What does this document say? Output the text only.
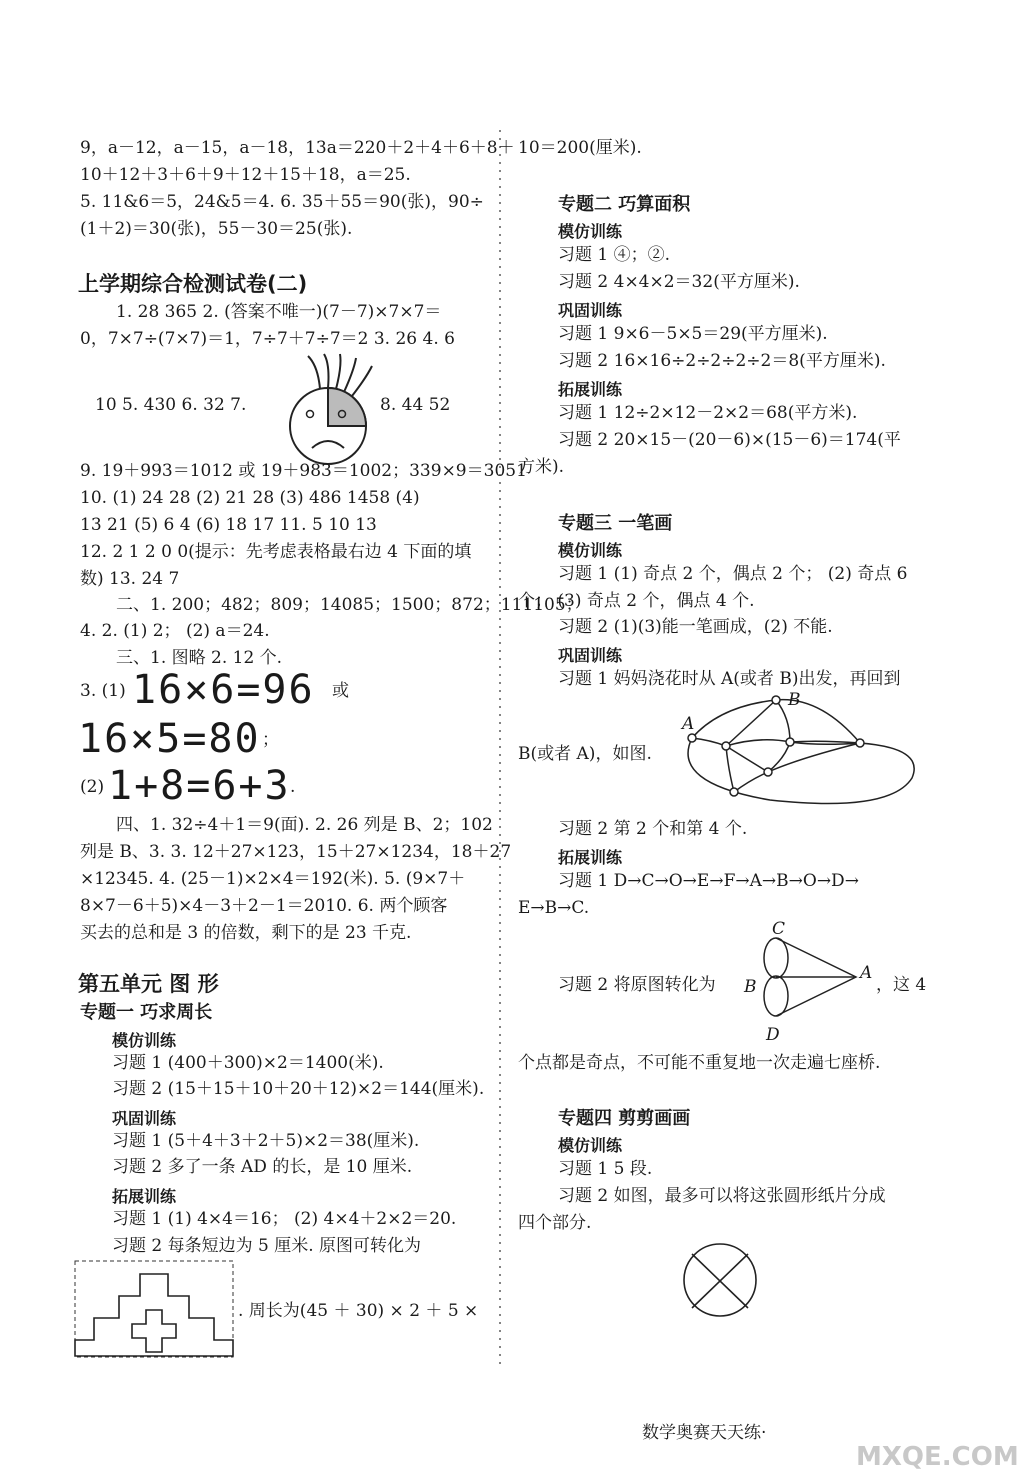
9，a－12，a－15，a－18，13a＝220＋2＋4＋6＋8＋
10＋12＋3＋6＋9＋12＋15＋18，a＝25.
5. 11&6＝5，24&5＝4. 6. 35＋55＝90(张)，90÷
(1＋2)＝30(张)，55－30＝25(张).
上学期综合检测试卷(二)
1. 28 365 2. (答案不唯一)(7－7)×7×7＝
0，7×7÷(7×7)＝1，7÷7＋7÷7＝2 3. 26 4. 6
10 5. 430 6. 32 7.	8. 44 52
9. 19＋993＝1012 或 19＋983＝1002；339×9＝3051
10. (1) 24 28 (2) 21 28 (3) 486 1458 (4)
13 21 (5) 6 4 (6) 18 17 11. 5 10 13
12. 2 1 2 0 0(提示：先考虑表格最右边 4 下面的填
数) 13. 24 7
二、1. 200；482；809；14085；1500；872；111105；
4. 2. (1) 2； (2) a＝24.
三、1. 图略 2. 12 个.
3. (1) 16×6=96 或
16×5=80 ；
(2) 1+8=6+3 .
四、1. 32÷4＋1＝9(面). 2. 26 列是 B、2；102
列是 B、3. 3. 12＋27×123，15＋27×1234，18＋27
×12345. 4. (25－1)×2×4＝192(米). 5. (9×7＋
8×7－6＋5)×4－3＋2－1＝2010. 6. 两个顾客
买去的总和是 3 的倍数，剩下的是 23 千克.
第五单元 图 形
专题一 巧求周长
模仿训练
习题 1 (400＋300)×2＝1400(米).
习题 2 (15＋15＋10＋20＋12)×2＝144(厘米).
巩固训练
习题 1 (5＋4＋3＋2＋5)×2＝38(厘米).
习题 2 多了一条 AD 的长，是 10 厘米.
拓展训练
习题 1 (1) 4×4＝16； (2) 4×4＋2×2＝20.
习题 2 每条短边为 5 厘米. 原图可转化为
. 周长为(45 ＋ 30) × 2 ＋ 5 ×
10＝200(厘米).
专题二 巧算面积
模仿训练
习题 1 ④；②.
习题 2 4×4×2＝32(平方厘米).
巩固训练
习题 1 9×6－5×5＝29(平方厘米).
习题 2 16×16÷2÷2÷2÷2＝8(平方厘米).
拓展训练
习题 1 12÷2×12－2×2＝68(平方米).
习题 2 20×15－(20－6)×(15－6)＝174(平
方米).
专题三 一笔画
模仿训练
习题 1 (1) 奇点 2 个，偶点 2 个； (2) 奇点 6
个； (3) 奇点 2 个，偶点 4 个.
习题 2 (1)(3)能一笔画成，(2) 不能.
巩固训练
习题 1 妈妈浇花时从 A(或者 B)出发，再回到
B(或者 A)，如图.
A
B
习题 2 第 2 个和第 4 个.
拓展训练
习题 1 D→C→O→E→F→A→B→O→D→
E→B→C.
习题 2 将原图转化为
C
A
B
D
，这 4
个点都是奇点，不可能不重复地一次走遍七座桥.
专题四 剪剪画画
模仿训练
习题 1 5 段.
习题 2 如图，最多可以将这张圆形纸片分成
四个部分.
数学奥赛天天练·
MXQE.COM
